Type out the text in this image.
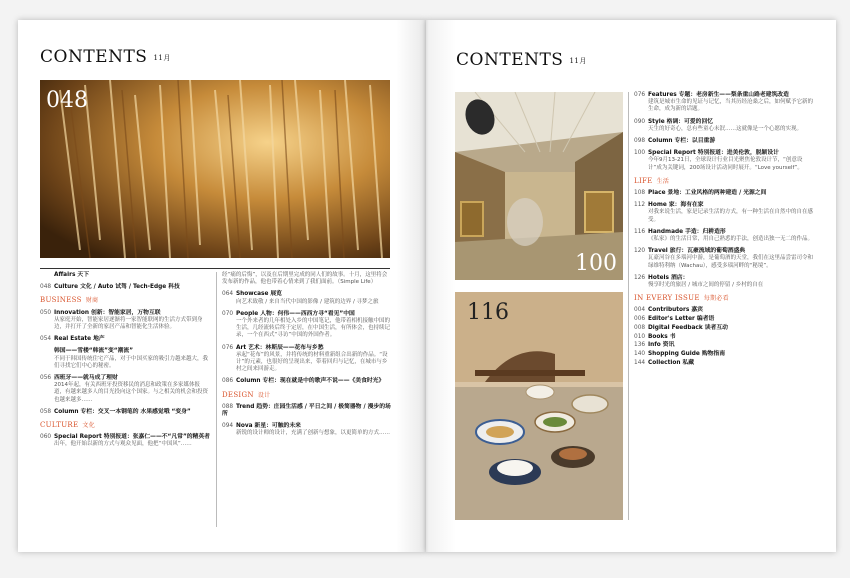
CONTENTS 11月
048
Affairs 天下
048 Culture 文化 / Auto 试驾 / Tech-Edge 科技
BUSINESS 财商
050 Innovation 创新：智能家居，万物互联
从家庭开始，智能家居逐渐将一家智能联网的生活方式带到身边，并打开了全新的家居产品和智能化生活体验。
054 Real Estate 地产
韩国——雪楼“韩流”变“潮流”
不同于韩国传统住宅产品，对于中国买家的吸引力越来越大，我们寻找它们中心的秘密。
056 西班牙——就马成了理财
2014年起，有关西班牙投资移民的消息和政策在多家媒体报道，有越来越多人的目光投向这个国家。与之相关的机会和投资也越来越多……
058 Column 专栏：交叉一本钢笔的 水果感觉哦 “变身”
CULTURE 文化
060 Special Report 特别报道：张嘉仁——不“凡常”的精英者
出年，他开始以新的方式与观众见面，他把“中国风”……
经“痛的后悔”，以及在后期里完成的同人们的故事。十月，这里将会发布新的作品，他也带着心情来到了我们面前。（Simple Life）
064 Showcase 展览
向艺术致敬 / 来自当代中国的影像 / 建筑的边界 / 寻梦之旅
070 People 人物：何伟——西西方寻“看见”中国
一个外来者的几年相处入乡的中国笔记，他带着相机接触中国的生活，几经流转后终于定居，在中国生活，有所体会，也持续记录，一个在西式“寻访”中国的外国作者。
076 Art 艺术：林斯辰——花布与乡愁
承起“花布”的风景，并将传统的材料重新组合出新的作品。“设计”的元素，也很好的呈现出来，带着回归与记忆，在城市与乡村之间来回游走。
086 Column 专栏：现在就是中的歌声不说——《美食时光》
DESIGN 设计
088 Trend 趋势：庄园生活感 / 平日之间 / 极简器物 / 漫步的场所
094 Nova 新星：可触的未来
新锐的设计师的设计，充满了创新与想象，以更简单的方式……
CONTENTS 11月
100
116
076 Features 专题：老房新生——梨条重山路老建筑改造
建筑是城市生命的见证与记忆，当其历经沧桑之后，如何赋予它新的生命，成为新的话题。
090 Style 格调：可爱的回忆
天生的好奇心，总有些童心未泯……这就像是一个心愿的实现。
098 Column 专栏：以目重游
100 Special Report 特别报道：进美伦敦，脱颖设计
今年9月13-21日，全球设计行业目光聚焦伦敦设计节，“创意设计”成为关键词，200场设计活动同时展开。“Love yourself”。
LIFE 生活
108 Place 景地：工业风格的两种建造 / 光源之间
112 Home 家：海有在家
对我来说生活，家是记录生活的方式，有一种生活在自然中的自在感受。
116 Handmade 手造：归耕造形
《私家》的生活日常，用自己熟悉的手法，创造出独一无二的作品。
120 Travel 旅行：瓦豪流域的葡萄酒盛典
瓦豪河谷在多瑙河中游，是葡萄酒的天堂，我们在这里品尝雷司令和绿维特利纳（Wachau），感受多瑙河畔的“秘境”。
126 Hotels 酒店：
慢享时光的旅居 / 城市之间的停留 / 乡村的自在
IN EVERY ISSUE 每期必看
004 Contributors 嘉宾
006 Editor's Letter 编者语
008 Digital Feedback 读者互动
010 Books 书
136 Info 资讯
140 Shopping Guide 购物指南
144 Collection 私藏
